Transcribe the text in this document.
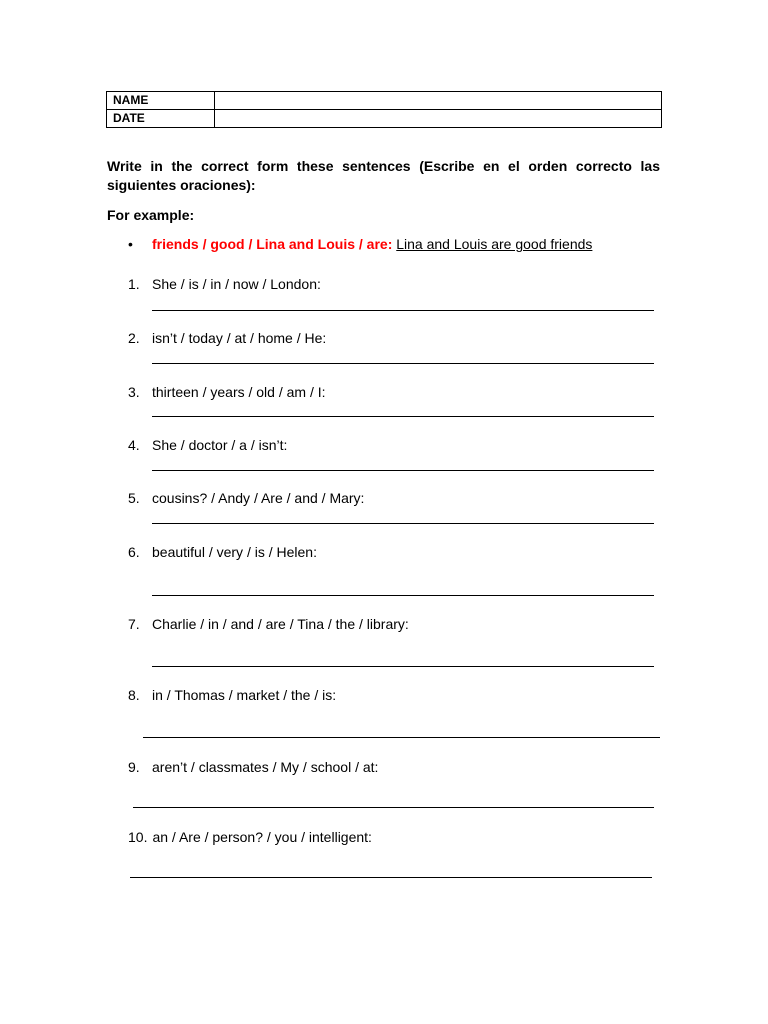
NAME	
DATE	
Write in the correct form these sentences (Escribe en el orden correcto las siguientes oraciones):
For example:
• friends / good / Lina and Louis / are: Lina and Louis are good friends
1. She / is / in / now / London:
2. isn’t / today / at / home / He:
3. thirteen / years / old / am / I:
4. She / doctor / a / isn’t:
5. cousins? / Andy / Are / and / Mary:
6. beautiful / very / is / Helen:
7. Charlie / in / and / are / Tina / the / library:
8. in / Thomas / market / the / is:
9. aren’t / classmates / My / school / at:
10. an / Are / person? / you / intelligent:
